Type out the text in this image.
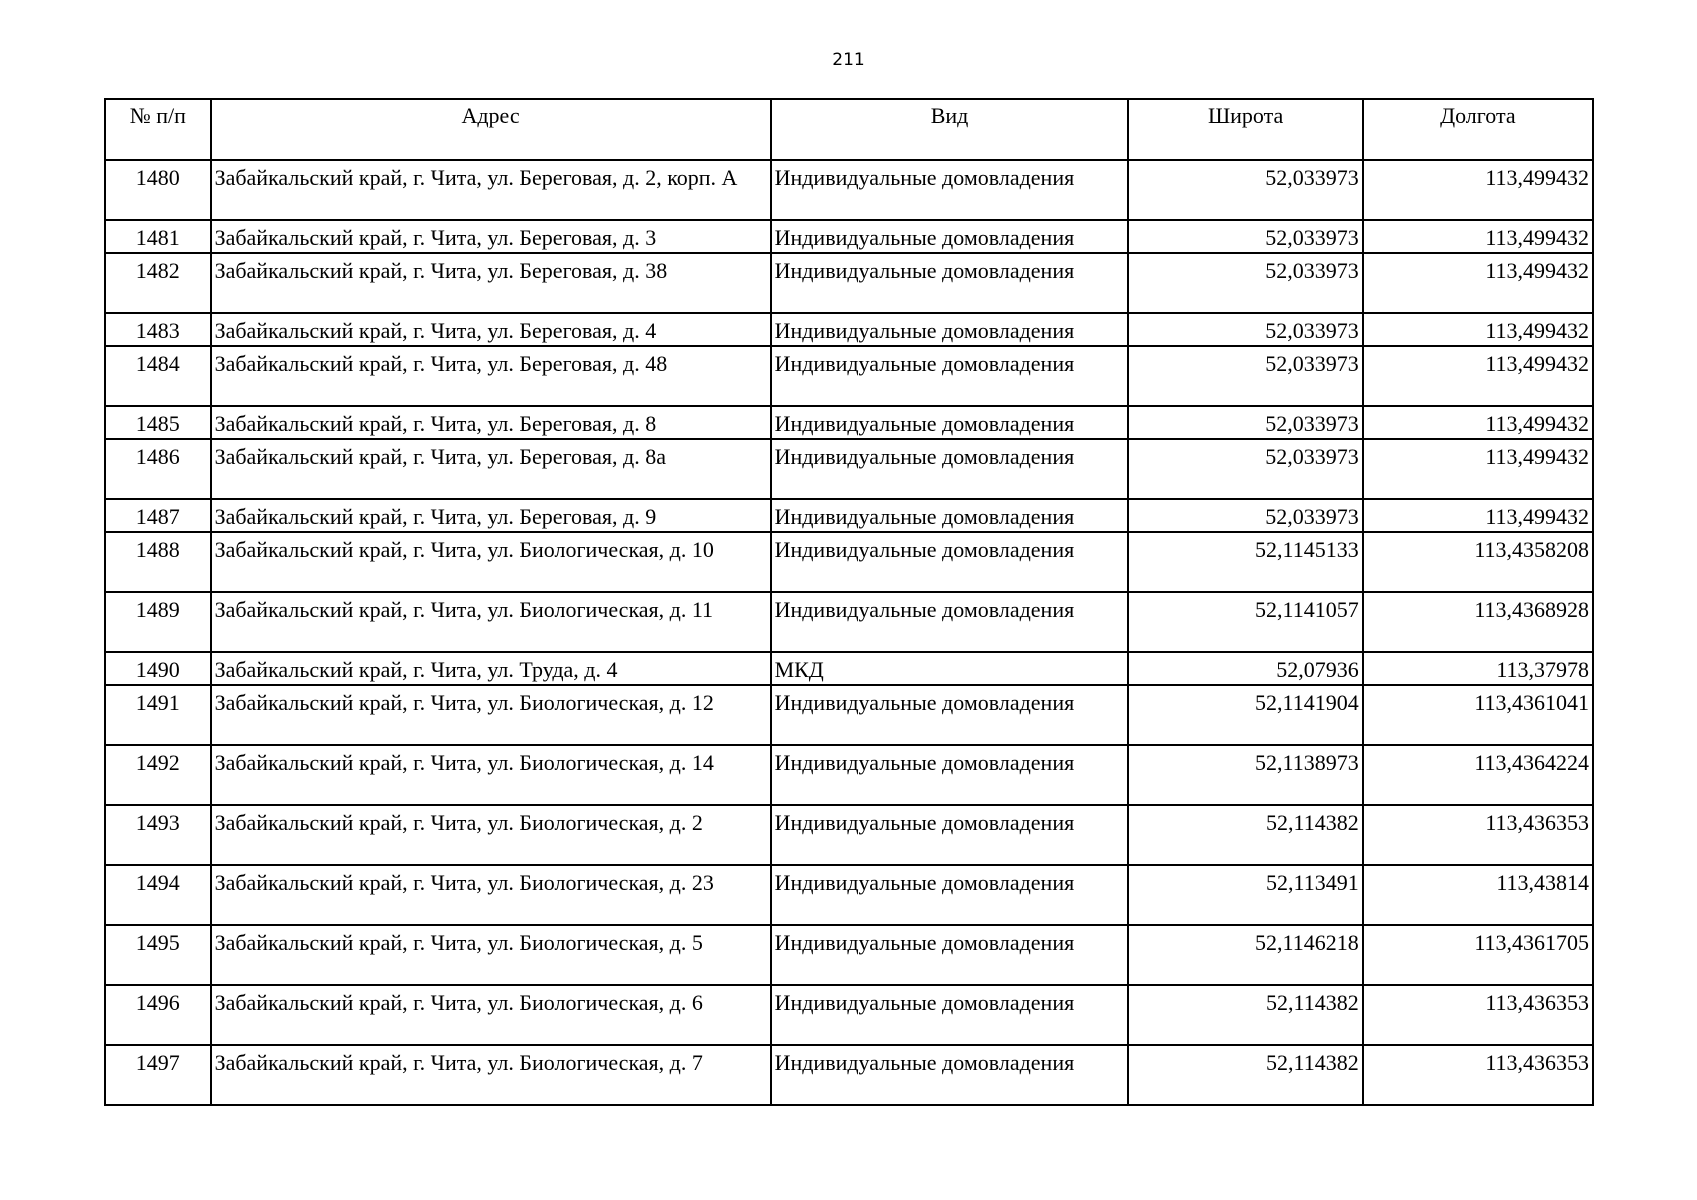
211
№ п/п	Адрес	Вид	Широта	Долгота
1480	Забайкальский край, г. Чита, ул. Береговая, д. 2, корп. А	Индивидуальные домовладения	52,033973	113,499432
1481	Забайкальский край, г. Чита, ул. Береговая, д. 3	Индивидуальные домовладения	52,033973	113,499432
1482	Забайкальский край, г. Чита, ул. Береговая, д. 38	Индивидуальные домовладения	52,033973	113,499432
1483	Забайкальский край, г. Чита, ул. Береговая, д. 4	Индивидуальные домовладения	52,033973	113,499432
1484	Забайкальский край, г. Чита, ул. Береговая, д. 48	Индивидуальные домовладения	52,033973	113,499432
1485	Забайкальский край, г. Чита, ул. Береговая, д. 8	Индивидуальные домовладения	52,033973	113,499432
1486	Забайкальский край, г. Чита, ул. Береговая, д. 8а	Индивидуальные домовладения	52,033973	113,499432
1487	Забайкальский край, г. Чита, ул. Береговая, д. 9	Индивидуальные домовладения	52,033973	113,499432
1488	Забайкальский край, г. Чита, ул. Биологическая, д. 10	Индивидуальные домовладения	52,1145133	113,4358208
1489	Забайкальский край, г. Чита, ул. Биологическая, д. 11	Индивидуальные домовладения	52,1141057	113,4368928
1490	Забайкальский край, г. Чита, ул. Труда, д. 4	МКД	52,07936	113,37978
1491	Забайкальский край, г. Чита, ул. Биологическая, д. 12	Индивидуальные домовладения	52,1141904	113,4361041
1492	Забайкальский край, г. Чита, ул. Биологическая, д. 14	Индивидуальные домовладения	52,1138973	113,4364224
1493	Забайкальский край, г. Чита, ул. Биологическая, д. 2	Индивидуальные домовладения	52,114382	113,436353
1494	Забайкальский край, г. Чита, ул. Биологическая, д. 23	Индивидуальные домовладения	52,113491	113,43814
1495	Забайкальский край, г. Чита, ул. Биологическая, д. 5	Индивидуальные домовладения	52,1146218	113,4361705
1496	Забайкальский край, г. Чита, ул. Биологическая, д. 6	Индивидуальные домовладения	52,114382	113,436353
1497	Забайкальский край, г. Чита, ул. Биологическая, д. 7	Индивидуальные домовладения	52,114382	113,436353
